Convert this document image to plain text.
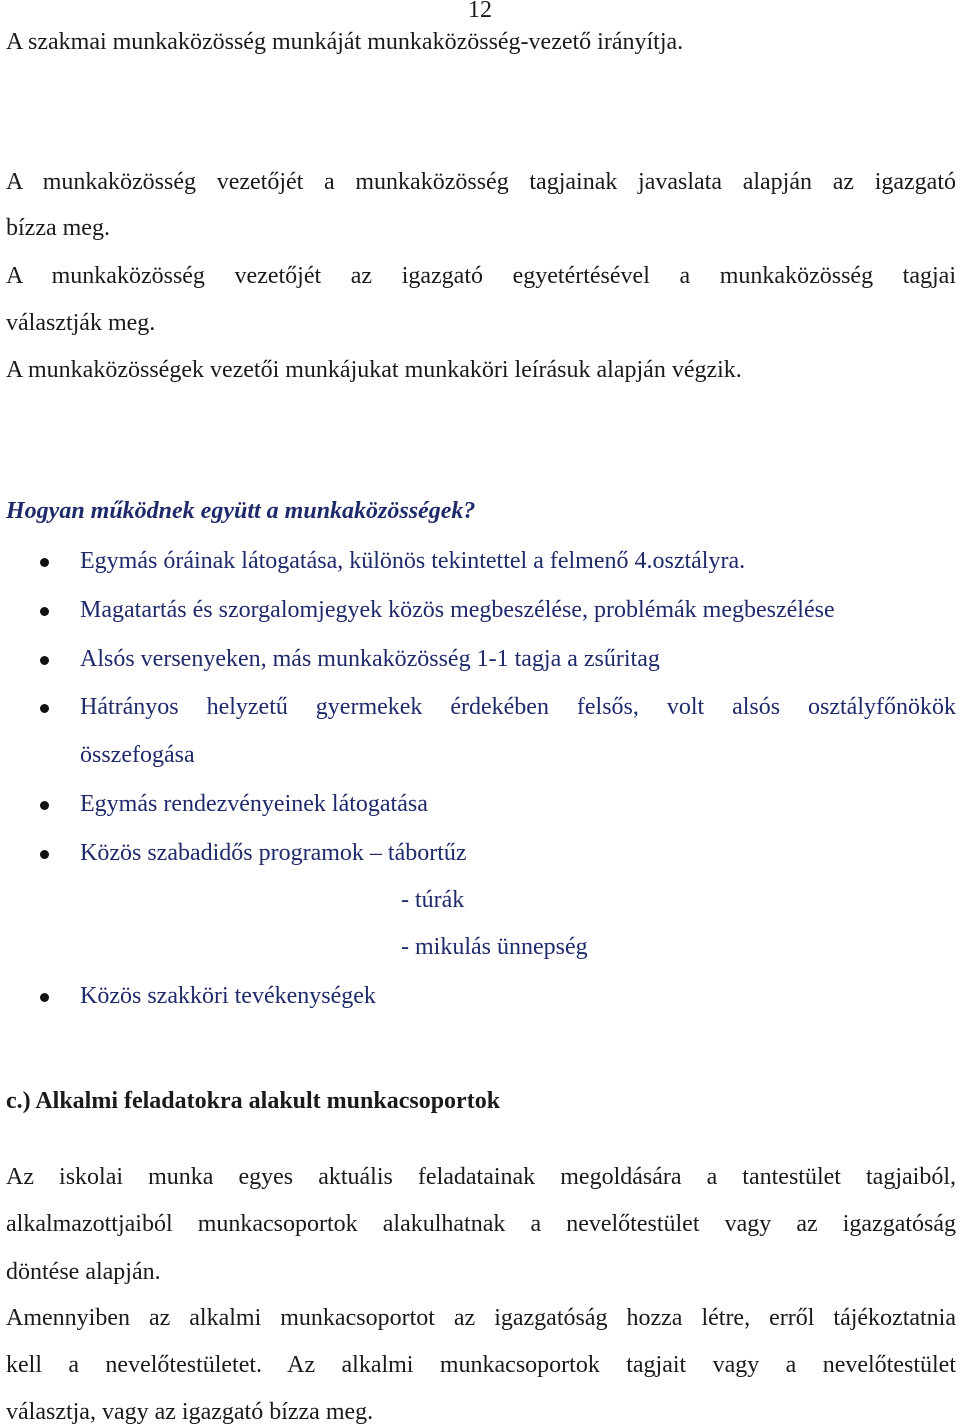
12
A szakmai munkaközösség munkáját munkaközösség-vezető irányítja.
A munkaközösség vezetőjét a munkaközösség tagjainak javaslata alapján az igazgató
bízza meg.
A munkaközösség vezetőjét az igazgató egyetértésével a munkaközösség tagjai
választják meg.
A munkaközösségek vezetői munkájukat munkaköri leírásuk alapján végzik.
Hogyan működnek együtt a munkaközösségek?
Egymás óráinak látogatása, különös tekintettel a felmenő 4.osztályra.
Magatartás és szorgalomjegyek közös megbeszélése, problémák megbeszélése
Alsós versenyeken, más munkaközösség 1-1 tagja a zsűritag
Hátrányos helyzetű gyermekek érdekében felsős, volt alsós osztályfőnökök
összefogása
Egymás rendezvényeinek látogatása
Közös szabadidős programok – tábortűz
- túrák
- mikulás ünnepség
Közös szakköri tevékenységek
c.) Alkalmi feladatokra alakult munkacsoportok
Az iskolai munka egyes aktuális feladatainak megoldására a tantestület tagjaiból,
alkalmazottjaiból munkacsoportok alakulhatnak a nevelőtestület vagy az igazgatóság
döntése alapján.
Amennyiben az alkalmi munkacsoportot az igazgatóság hozza létre, erről tájékoztatnia
kell a nevelőtestületet. Az alkalmi munkacsoportok tagjait vagy a nevelőtestület
választja, vagy az igazgató bízza meg.
